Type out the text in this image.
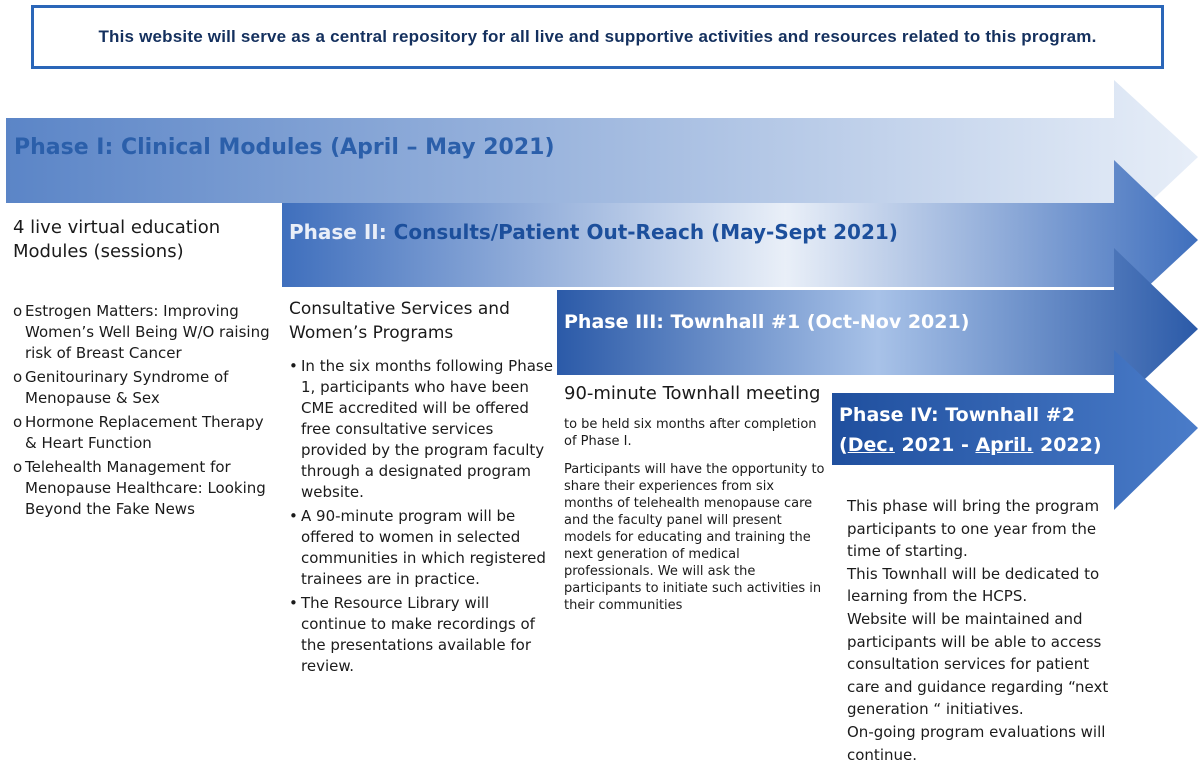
This website will serve as a central repository for all live and supportive activities and resources related to this program.
Phase I: Clinical Modules (April – May 2021)
Phase II: Consults/Patient Out-Reach (May-Sept 2021)
Phase III: Townhall #1 (Oct-Nov 2021)
Phase IV: Townhall #2
(Dec. 2021 - April. 2022)
4 live virtual education Modules (sessions)
o Estrogen Matters: Improving Women’s Well Being W/O raising risk of Breast Cancer
o Genitourinary Syndrome of Menopause & Sex
o Hormone Replacement Therapy & Heart Function
o Telehealth Management for Menopause Healthcare: Looking Beyond the Fake News
Consultative Services and Women’s Programs
• In the six months following Phase 1, participants who have been CME accredited will be offered free consultative services provided by the program faculty through a designated program website.
• A 90-minute program will be offered to women in selected communities in which registered trainees are in practice.
• The Resource Library will continue to make recordings of the presentations available for review.
90-minute Townhall meeting
to be held six months after completion of Phase I.
Participants will have the opportunity to share their experiences from six months of telehealth menopause care and the faculty panel will present models for educating and training the next generation of medical professionals. We will ask the participants to initiate such activities in their communities
This phase will bring the program participants to one year from the time of starting.
This Townhall will be dedicated to learning from the HCPS.
Website will be maintained and participants will be able to access consultation services for patient care and guidance regarding “next generation “ initiatives.
On-going program evaluations will continue.
